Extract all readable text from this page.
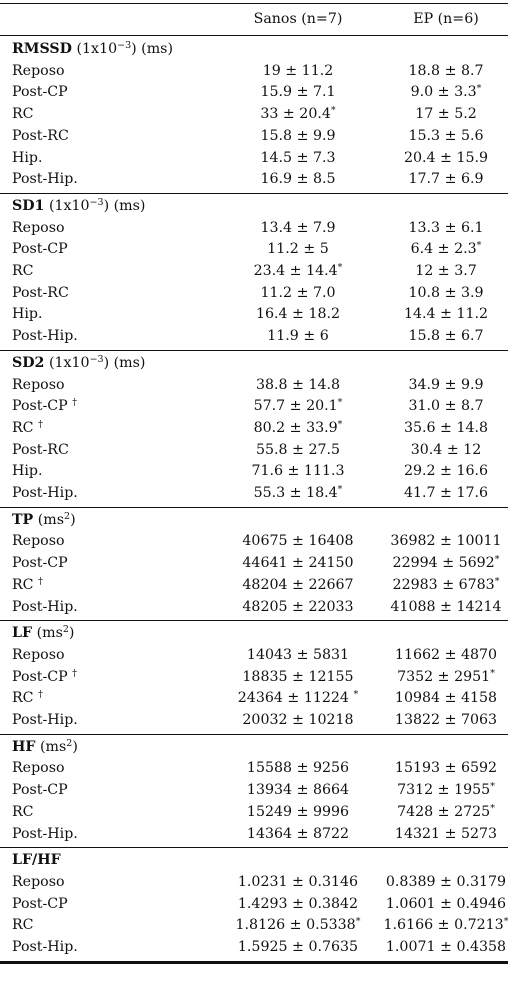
Sanos (n=7)	EP (n=6)
RMSSD $(1x10^{-3})$ (ms)
Reposo	19 ± 11.2	18.8 ± 8.7
Post-CP	15.9 ± 7.1	9.0 ± 3.3*
RC	33 ± 20.4*	17 ± 5.2
Post-RC	15.8 ± 9.9	15.3 ± 5.6
Hip.	14.5 ± 7.3	20.4 ± 15.9
Post-Hip.	16.9 ± 8.5	17.7 ± 6.9
SD1 $(1x10^{-3})$ (ms)
Reposo	13.4 ± 7.9	13.3 ± 6.1
Post-CP	11.2 ± 5	6.4 ± 2.3*
RC	23.4 ± 14.4*	12 ± 3.7
Post-RC	11.2 ± 7.0	10.8 ± 3.9
Hip.	16.4 ± 18.2	14.4 ± 11.2
Post-Hip.	11.9 ± 6	15.8 ± 6.7
SD2 $(1x10^{-3})$ (ms)
Reposo	38.8 ± 14.8	34.9 ± 9.9
Post-CP †	57.7 ± 20.1*	31.0 ± 8.7
RC †	80.2 ± 33.9*	35.6 ± 14.8
Post-RC	55.8 ± 27.5	30.4 ± 12
Hip.	71.6 ± 111.3	29.2 ± 16.6
Post-Hip.	55.3 ± 18.4*	41.7 ± 17.6
TP $(ms^2)$
Reposo	40675 ± 16408	36982 ± 10011
Post-CP	44641 ± 24150	22994 ± 5692*
RC †	48204 ± 22667	22983 ± 6783*
Post-Hip.	48205 ± 22033	41088 ± 14214
LF $(ms^2)$
Reposo	14043 ± 5831	11662 ± 4870
Post-CP †	18835 ± 12155	7352 ± 2951*
RC †	24364 ± 11224 *	10984 ± 4158
Post-Hip.	20032 ± 10218	13822 ± 7063
HF $(ms^2)$
Reposo	15588 ± 9256	15193 ± 6592
Post-CP	13934 ± 8664	7312 ± 1955*
RC	15249 ± 9996	7428 ± 2725*
Post-Hip.	14364 ± 8722	14321 ± 5273
LF/HF
Reposo	1.0231 ± 0.3146	0.8389 ± 0.3179
Post-CP	1.4293 ± 0.3842	1.0601 ± 0.4946
RC	1.8126 ± 0.5338*	1.6166 ± 0.7213*
Post-Hip.	1.5925 ± 0.7635	1.0071 ± 0.4358
